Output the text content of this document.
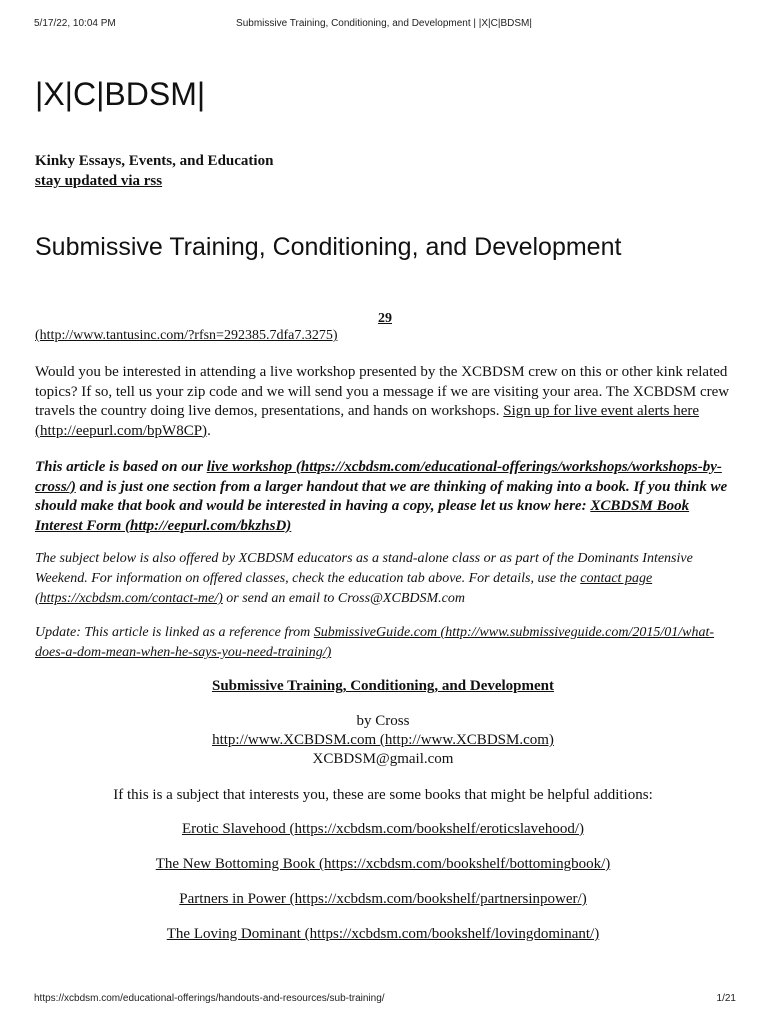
5/17/22, 10:04 PM	Submissive Training, Conditioning, and Development | |X|C|BDSM|
|X|C|BDSM|
Kinky Essays, Events, and Education
stay updated via rss
Submissive Training, Conditioning, and Development
29
(http://www.tantusinc.com/?rfsn=292385.7dfa7.3275)
Would you be interested in attending a live workshop presented by the XCBDSM crew on this or other kink related topics? If so, tell us your zip code and we will send you a message if we are visiting your area. The XCBDSM crew travels the country doing live demos, presentations, and hands on workshops. Sign up for live event alerts here (http://eepurl.com/bpW8CP).
This article is based on our live workshop (https://xcbdsm.com/educational-offerings/workshops/workshops-by-cross/) and is just one section from a larger handout that we are thinking of making into a book. If you think we should make that book and would be interested in having a copy, please let us know here: XCBDSM Book Interest Form (http://eepurl.com/bkzhsD)
The subject below is also offered by XCBDSM educators as a stand-alone class or as part of the Dominants Intensive Weekend. For information on offered classes, check the education tab above. For details, use the contact page (https://xcbdsm.com/contact-me/) or send an email to Cross@XCBDSM.com
Update: This article is linked as a reference from SubmissiveGuide.com (http://www.submissiveguide.com/2015/01/what-does-a-dom-mean-when-he-says-you-need-training/)
Submissive Training, Conditioning, and Development
by Cross
http://www.XCBDSM.com (http://www.XCBDSM.com)
XCBDSM@gmail.com
If this is a subject that interests you, these are some books that might be helpful additions:
Erotic Slavehood (https://xcbdsm.com/bookshelf/eroticslavehood/)
The New Bottoming Book (https://xcbdsm.com/bookshelf/bottomingbook/)
Partners in Power (https://xcbdsm.com/bookshelf/partnersinpower/)
The Loving Dominant (https://xcbdsm.com/bookshelf/lovingdominant/)
https://xcbdsm.com/educational-offerings/handouts-and-resources/sub-training/	1/21
